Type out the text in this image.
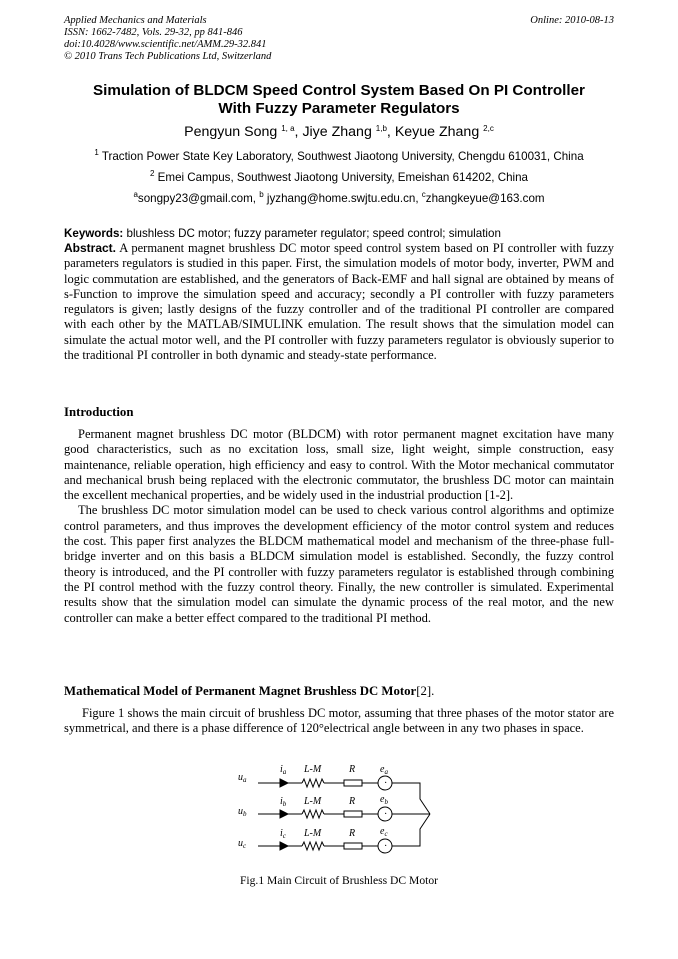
Applied Mechanics and Materials
ISSN: 1662-7482, Vols. 29-32, pp 841-846
doi:10.4028/www.scientific.net/AMM.29-32.841
© 2010 Trans Tech Publications Ltd, Switzerland
Online: 2010-08-13
Simulation of BLDCM Speed Control System Based On PI Controller
With Fuzzy Parameter Regulators
Pengyun Song $^{1, a}$, Jiye Zhang $^{1,b}$, Keyue Zhang $^{2,c}$
$^1$ Traction Power State Key Laboratory, Southwest Jiaotong University, Chengdu 610031, China
$^2$ Emei Campus, Southwest Jiaotong University, Emeishan 614202, China
$^a$songpy23@gmail.com, $^b$ jyzhang@home.swjtu.edu.cn, $^c$zhangkeyue@163.com
Keywords: blushless DC motor; fuzzy parameter regulator; speed control; simulation
Abstract. A permanent magnet brushless DC motor speed control system based on PI controller with fuzzy parameters regulators is studied in this paper. First, the simulation models of motor body, inverter, PWM and logic commutation are established, and the generators of Back-EMF and hall signal are obtained by means of s-Function to improve the simulation speed and accuracy; secondly a PI controller with fuzzy parameters regulators is given; lastly designs of the fuzzy controller and of the traditional PI controller are compared with each other by the MATLAB/SIMULINK emulation. The result shows that the simulation model can simulate the actual motor well, and the PI controller with fuzzy parameters regulator is obviously superior to the traditional PI controller in both dynamic and steady-state performance.
Introduction

Permanent magnet brushless DC motor (BLDCM) with rotor permanent magnet excitation have many good characteristics, such as no excitation loss, small size, light weight, simple construction, easy maintenance, reliable operation, high efficiency and easy to control. With the Motor mechanical commutator and mechanical brush being replaced with the electronic commutator, the brushless DC motor can maintain the excellent mechanical properties, and be widely used in the industrial production [1-2].

The brushless DC motor simulation model can be used to check various control algorithms and optimize control parameters, and thus improves the development efficiency of the motor control system and reduces the cost. This paper first analyzes the BLDCM mathematical model and mechanism of the three-phase full-bridge inverter and on this basis a BLDCM simulation model is established. Secondly, the fuzzy control theory is introduced, and the PI controller with fuzzy parameters regulator is established through combining the PI control method with the fuzzy control theory. Finally, the new controller is simulated. Experimental results show that the simulation model can simulate the dynamic process of the real motor, and the new controller can make a better effect compared to the traditional PI method.

Mathematical Model of Permanent Magnet Brushless DC Motor[2].

Figure 1 shows the main circuit of brushless DC motor, assuming that three phases of the motor stator are symmetrical, and there is a phase difference of 120°electrical angle between in any two phases in space.

·
·
·
$u_a$
$i_a$ L-M	R $e_a$
$u_b$
$i_b$ L-M	R $e_b$
$u_c$
$i_c$ L-M	R $e_c$
Fig.1 Main Circuit of Brushless DC Motor
